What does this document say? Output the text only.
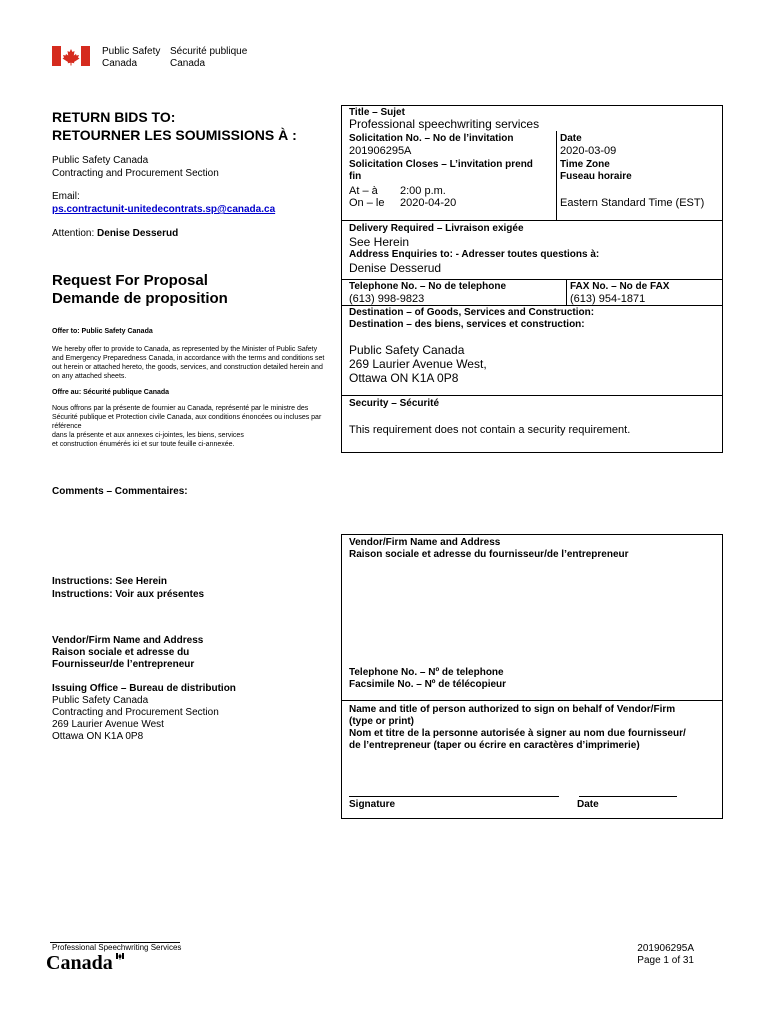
Public Safety

Canada

Sécurité publique

Canada

RETURN BIDS TO:

RETOURNER LES SOUMISSIONS À :

Public Safety Canada

Contracting and Procurement Section

Email:

ps.contractunit-unitedecontrats.sp@canada.ca

Attention: Denise Desserud

Request For Proposal

Demande de proposition

Offer to: Public Safety Canada

We hereby offer to provide to Canada, as represented by the Minister of Public Safety and Emergency Preparedness Canada, in accordance with the terms and conditions set out herein or attached hereto, the goods, services, and construction detailed herein and on any attached sheets.

Offre au: Sécurité publique Canada

Nous offrons par la présente de fournier au Canada, représenté par le ministre des Sécurité publique et Protection civile Canada, aux conditions énoncées ou incluses par référence

dans la présente et aux annexes ci-jointes, les biens, services

et construction énumérés ici et sur toute feuille ci-annexée.

Comments – Commentaires:

Instructions: See Herein

Instructions: Voir aux présentes

Vendor/Firm Name and Address

Raison sociale et adresse du

Fournisseur/de l’entrepreneur

Issuing Office – Bureau de distribution

Public Safety Canada

Contracting and Procurement Section

269 Laurier Avenue West

Ottawa ON K1A 0P8

Title – Sujet

Professional speechwriting services

Solicitation No. – No de l’invitation

201906295A

Date

2020-03-09

Solicitation Closes – L’invitation prend

fin

At – à 2:00 p.m.

On – le 2020-04-20

Time Zone

Fuseau horaire

Eastern Standard Time (EST)

Delivery Required – Livraison exigée

See Herein

Address Enquiries to: - Adresser toutes questions à:

Denise Desserud

Telephone No. – No de telephone

(613) 998-9823

FAX No. – No de FAX

(613) 954-1871

Destination – of Goods, Services and Construction:

Destination – des biens, services et construction:

Public Safety Canada

269 Laurier Avenue West,

Ottawa ON K1A 0P8

Security – Sécurité

This requirement does not contain a security requirement.

Vendor/Firm Name and Address

Raison sociale et adresse du fournisseur/de l’entrepreneur

Telephone No. – Nº de telephone

Facsimile No. – Nº de télécopieur

Name and title of person authorized to sign on behalf of Vendor/Firm

(type or print)

Nom et titre de la personne autorisée à signer au nom due fournisseur/

de l’entrepreneur (taper ou écrire en caractères d’imprimerie)

Signature	Date

Professional Speechwriting Services

Canada

201906295A

Page 1 of 31
